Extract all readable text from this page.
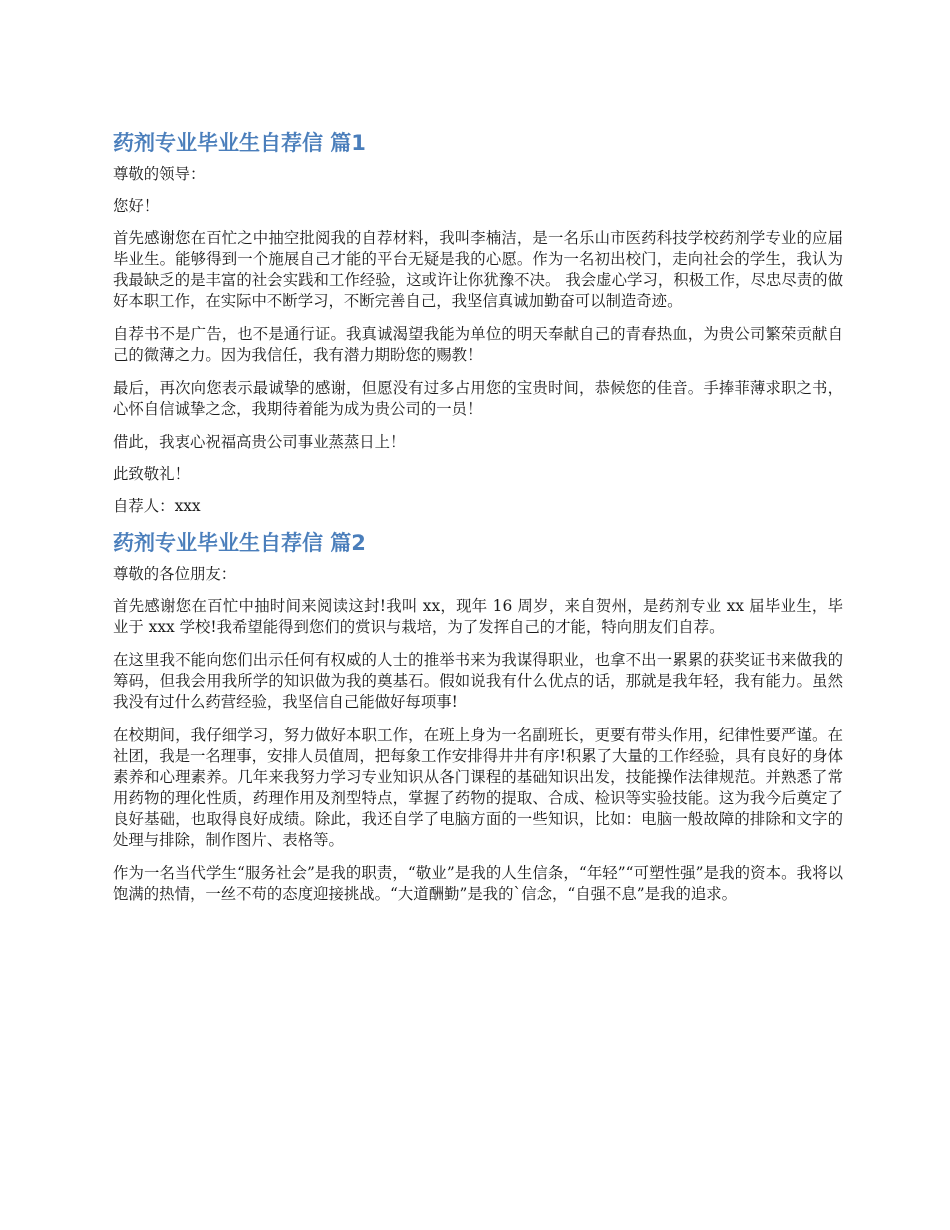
药剂专业毕业生自荐信 篇1

尊敬的领导：

您好！

首先感谢您在百忙之中抽空批阅我的自荐材料，我叫李楠洁，是一名乐山市医药科技学校药剂学专业的应届毕业生。能够得到一个施展自己才能的平台无疑是我的心愿。作为一名初出校门，走向社会的学生，我认为我最缺乏的是丰富的社会实践和工作经验，这或许让你犹豫不决。 我会虚心学习，积极工作，尽忠尽责的做好本职工作，在实际中不断学习，不断完善自己，我坚信真诚加勤奋可以制造奇迹。

自荐书不是广告，也不是通行证。我真诚渴望我能为单位的明天奉献自己的青春热血，为贵公司繁荣贡献自己的微薄之力。因为我信任，我有潜力期盼您的赐教！

最后，再次向您表示最诚挚的感谢，但愿没有过多占用您的宝贵时间，恭候您的佳音。手捧菲薄求职之书，心怀自信诚挚之念，我期待着能为成为贵公司的一员！

借此，我衷心祝福高贵公司事业蒸蒸日上！

此致敬礼！

自荐人：xxx

药剂专业毕业生自荐信 篇2

尊敬的各位朋友：

首先感谢您在百忙中抽时间来阅读这封!我叫 xx，现年 16 周岁，来自贺州，是药剂专业 xx 届毕业生，毕业于 xxx 学校!我希望能得到您们的赏识与栽培，为了发挥自己的才能，特向朋友们自荐。

在这里我不能向您们出示任何有权威的人士的推举书来为我谋得职业，也拿不出一累累的获奖证书来做我的筹码，但我会用我所学的知识做为我的奠基石。假如说我有什么优点的话，那就是我年轻，我有能力。虽然我没有过什么药营经验，我坚信自己能做好每项事!

在校期间，我仔细学习，努力做好本职工作，在班上身为一名副班长，更要有带头作用，纪律性要严谨。在社团，我是一名理事，安排人员值周，把每象工作安排得井井有序!积累了大量的工作经验，具有良好的身体素养和心理素养。几年来我努力学习专业知识从各门课程的基础知识出发，技能操作法律规范。并熟悉了常用药物的理化性质，药理作用及剂型特点，掌握了药物的提取、合成、检识等实验技能。这为我今后奠定了良好基础，也取得良好成绩。除此，我还自学了电脑方面的一些知识，比如：电脑一般故障的排除和文字的处理与排除，制作图片、表格等。

作为一名当代学生“服务社会”是我的职责，“敬业”是我的人生信条，“年轻”“可塑性强”是我的资本。我将以饱满的热情，一丝不苟的态度迎接挑战。“大道酬勤”是我的`信念，“自强不息”是我的追求。
